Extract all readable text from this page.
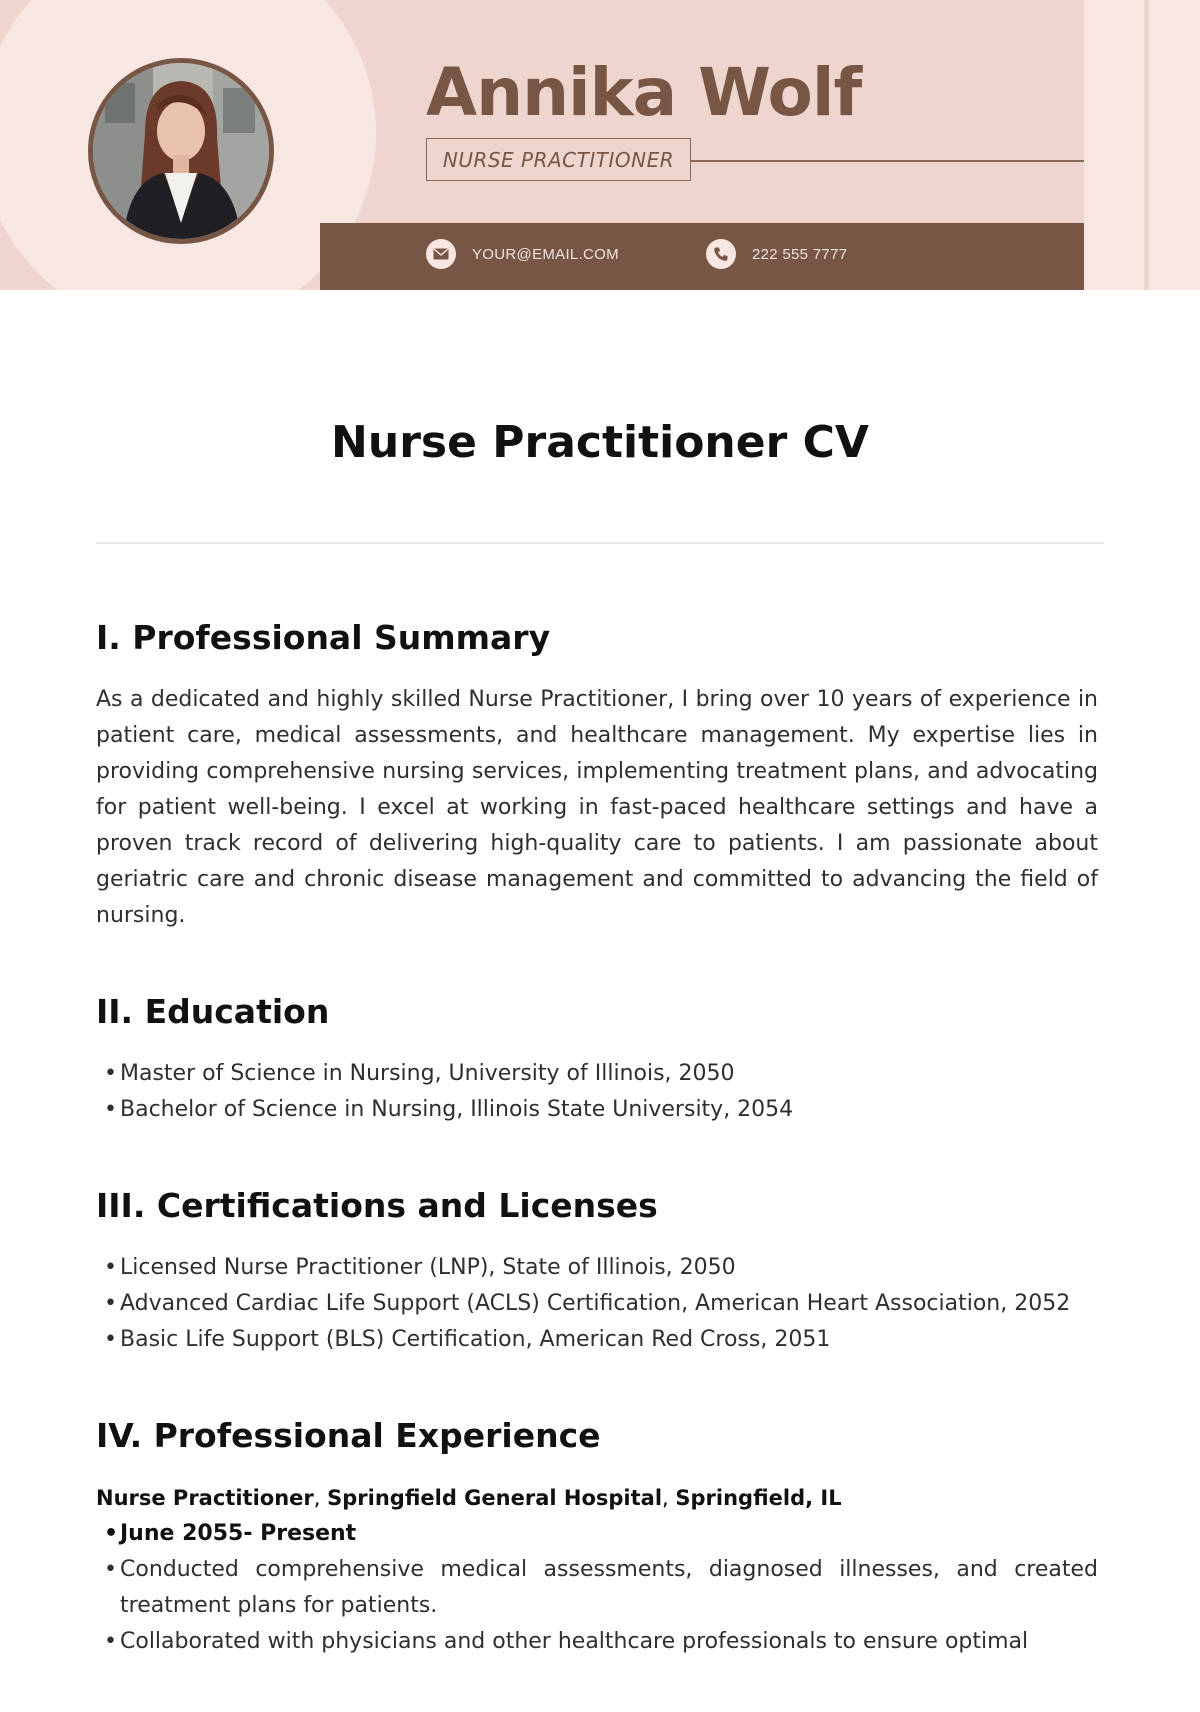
Annika Wolf
NURSE PRACTITIONER
YOUR@EMAIL.COM	222 555 7777
Nurse Practitioner CV
I. Professional Summary

As a dedicated and highly skilled Nurse Practitioner, I bring over 10 years of experience in patient care, medical assessments, and healthcare management. My expertise lies in providing comprehensive nursing services, implementing treatment plans, and advocating for patient well-being. I excel at working in fast-paced healthcare settings and have a proven track record of delivering high-quality care to patients. I am passionate about geriatric care and chronic disease management and committed to advancing the field of nursing.

II. Education
• Master of Science in Nursing, University of Illinois, 2050
• Bachelor of Science in Nursing, Illinois State University, 2054
III. Certifications and Licenses
• Licensed Nurse Practitioner (LNP), State of Illinois, 2050
• Advanced Cardiac Life Support (ACLS) Certification, American Heart Association, 2052
• Basic Life Support (BLS) Certification, American Red Cross, 2051
IV. Professional Experience
Nurse Practitioner, Springfield General Hospital, Springfield, IL
• June 2055- Present
• Conducted comprehensive medical assessments, diagnosed illnesses, and created treatment plans for patients.
• Collaborated with physicians and other healthcare professionals to ensure optimal
